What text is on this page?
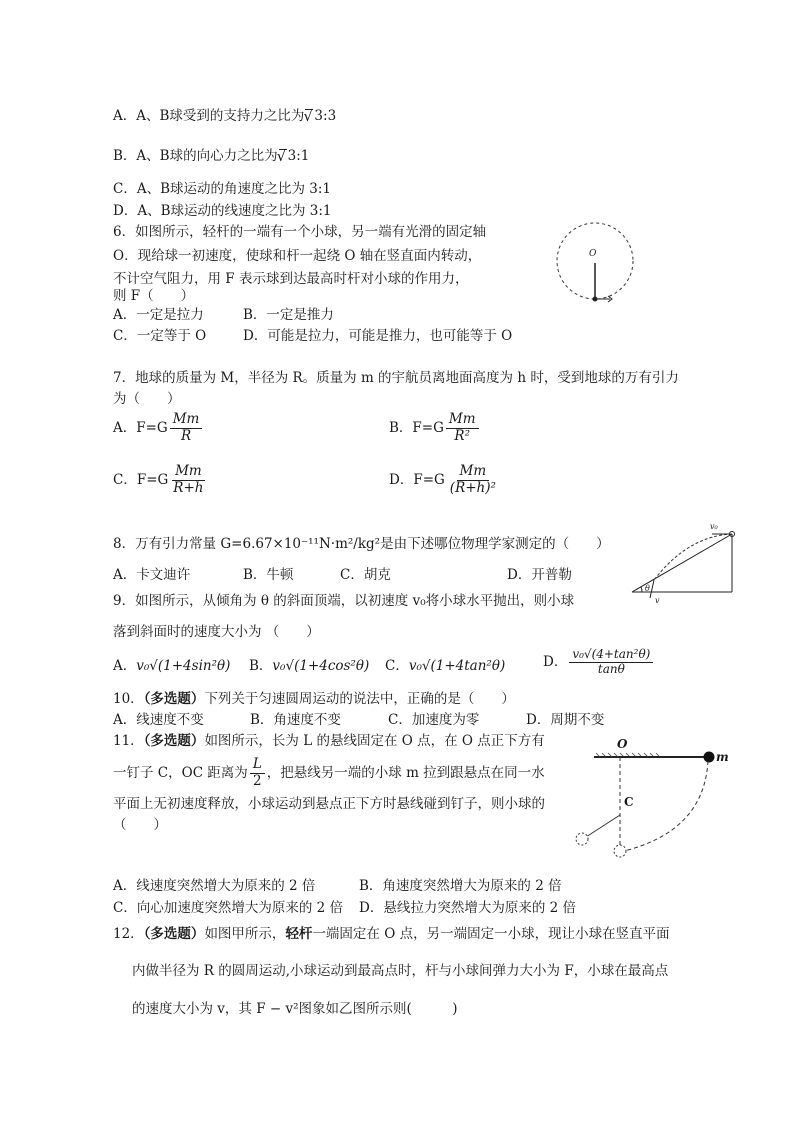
A．A、B球受到的支持力之比为 √ 3:3
B．A、B球的向心力之比为 √ 3:1
C．A、B球运动的角速度之比为 3:1
D．A、B球运动的线速度之比为 3:1
6．如图所示，轻杆的一端有一个小球，另一端有光滑的固定轴
O．现给球一初速度，使球和杆一起绕 O 轴在竖直面内转动，
不计空气阻力，用 F 表示球到达最高时杆对小球的作用力，
则 F（　　）
A．一定是拉力	B．一定是推力
C．一定等于 O	D．可能是拉力，可能是推力，也可能等于 O
O
7．地球的质量为 M，半径为 R。质量为 m 的宇航员离地面高度为 h 时，受到地球的万有引力
为（　　）
A．$F=G \frac{Mm}{R}$	B．$F=G \frac{Mm}{\text{R²}}$
C．$F=G \frac{Mm}{R+h}$	D．$F=G \frac{Mm}{\text{(R+h)²}}$
8．万有引力常量 G=6.67×10⁻¹¹N·m²/kg²是由下述哪位物理学家测定的（　　）
A．卡文迪许	B．牛顿	C．胡克	D．开普勒
v₀
θ
v
9．如图所示，从倾角为 θ 的斜面顶端，以初速度 v₀将小球水平抛出，则小球
落到斜面时的速度大小为 （　　）
A．v₀√(1+4sin²θ) B．v₀√(1+4cos²θ) C．v₀√(1+4tan²θ)	D． $\frac{\text{v₀√(4+tan²θ)}}{\tan\theta}$
10．（多选题）下列关于匀速圆周运动的说法中，正确的是（　　）
A．线速度不变	B．角速度不变	C．加速度为零	D．周期不变
11．（多选题）如图所示，长为 L 的悬线固定在 O 点，在 O 点正下方有
一钉子 C，OC 距离为 $\frac{L}{2}$ ，把悬线另一端的小球 m 拉到跟悬点在同一水
平面上无初速度释放，小球运动到悬点正下方时悬线碰到钉子，则小球的
（　　）
O
m
C
A．线速度突然增大为原来的 2 倍	B．角速度突然增大为原来的 2 倍
C．向心加速度突然增大为原来的 2 倍 D．悬线拉力突然增大为原来的 2 倍
12．（多选题）如图甲所示，轻杆一端固定在 O 点，另一端固定一小球，现让小球在竖直平面
内做半径为 R 的圆周运动,小球运动到最高点时，杆与小球间弹力大小为 F，小球在最高点
的速度大小为 v，其 F − v²图象如乙图所示则(　　　)
